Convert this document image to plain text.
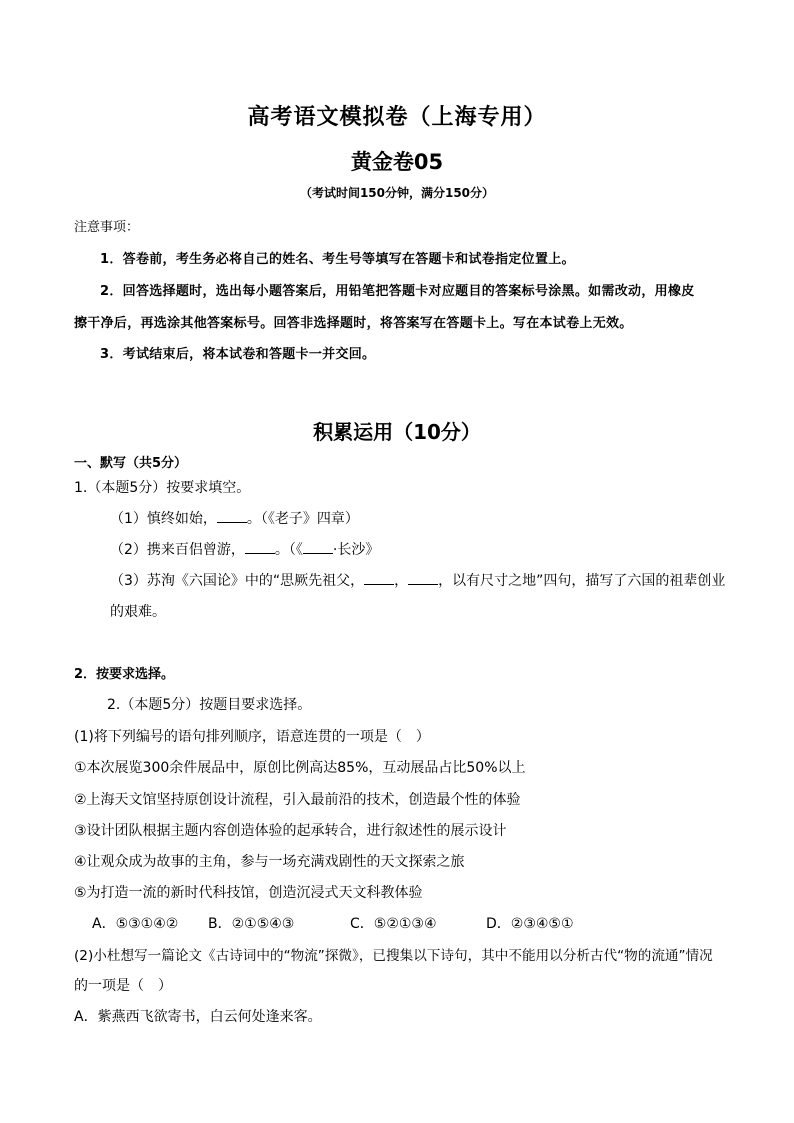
高考语文模拟卷（上海专用）
黄金卷05
（考试时间150分钟，满分150分）
注意事项：
1．答卷前，考生务必将自己的姓名、考生号等填写在答题卡和试卷指定位置上。
2．回答选择题时，选出每小题答案后，用铅笔把答题卡对应题目的答案标号涂黑。如需改动，用橡皮
擦干净后，再选涂其他答案标号。回答非选择题时，将答案写在答题卡上。写在本试卷上无效。
3．考试结束后，将本试卷和答题卡一并交回。
积累运用（10分）
一、默写（共5分）
1.（本题5分）按要求填空。
（1）慎终如始， 。（《老子》四章）
（2）携来百侣曾游， 。（《 ·长沙》
（3）苏洵《六国论》中的“思厥先祖父， ， ，以有尺寸之地”四句，描写了六国的祖辈创业
的艰难。
2．按要求选择。
2.（本题5分）按题目要求选择。
(1)将下列编号的语句排列顺序，语意连贯的一项是（　）
①本次展览300余件展品中，原创比例高达85%，互动展品占比50%以上
②上海天文馆坚持原创设计流程，引入最前沿的技术，创造最个性的体验
③设计团队根据主题内容创造体验的起承转合，进行叙述性的展示设计
④让观众成为故事的主角，参与一场充满戏剧性的天文探索之旅
⑤为打造一流的新时代科技馆，创造沉浸式天文科教体验
A．⑤③①④② B．②①⑤④③	C．⑤②①③④	D．②③④⑤①
(2)小杜想写一篇论文《古诗词中的“物流”探微》，已搜集以下诗句，其中不能用以分析古代“物的流通”情况
的一项是（　）
A．紫燕西飞欲寄书，白云何处逢来客。
